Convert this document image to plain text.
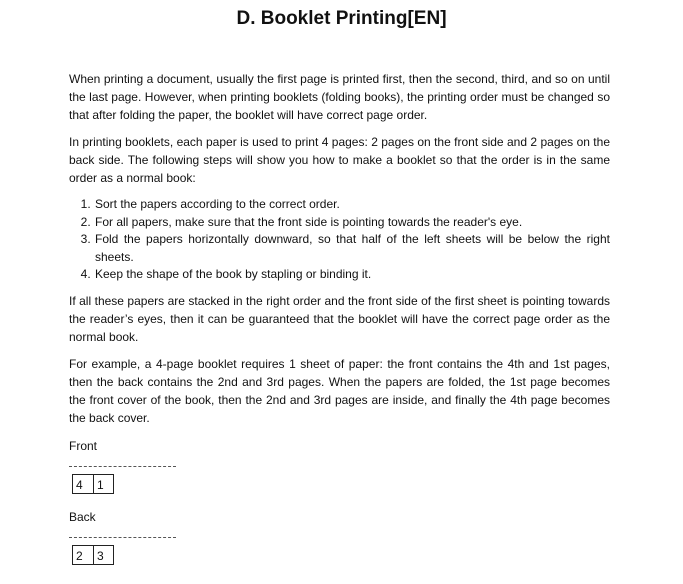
D. Booklet Printing[EN]

When printing a document, usually the first page is printed first, then the second, third, and so on until the last page. However, when printing booklets (folding books), the printing order must be changed so that after folding the paper, the booklet will have correct page order.

In printing booklets, each paper is used to print 4 pages: 2 pages on the front side and 2 pages on the back side. The following steps will show you how to make a booklet so that the order is in the same order as a normal book:

1. Sort the papers according to the correct order.
2. For all papers, make sure that the front side is pointing towards the reader's eye.
3. Fold the papers horizontally downward, so that half of the left sheets will be below the right sheets.
4. Keep the shape of the book by stapling or binding it.

If all these papers are stacked in the right order and the front side of the first sheet is pointing towards the reader’s eyes, then it can be guaranteed that the booklet will have the correct page order as the normal book.

For example, a 4-page booklet requires 1 sheet of paper: the front contains the 4th and 1st pages, then the back contains the 2nd and 3rd pages. When the papers are folded, the 1st page becomes the front cover of the book, then the 2nd and 3rd pages are inside, and finally the 4th page becomes the back cover.

Front
4	1
Back
2	3
